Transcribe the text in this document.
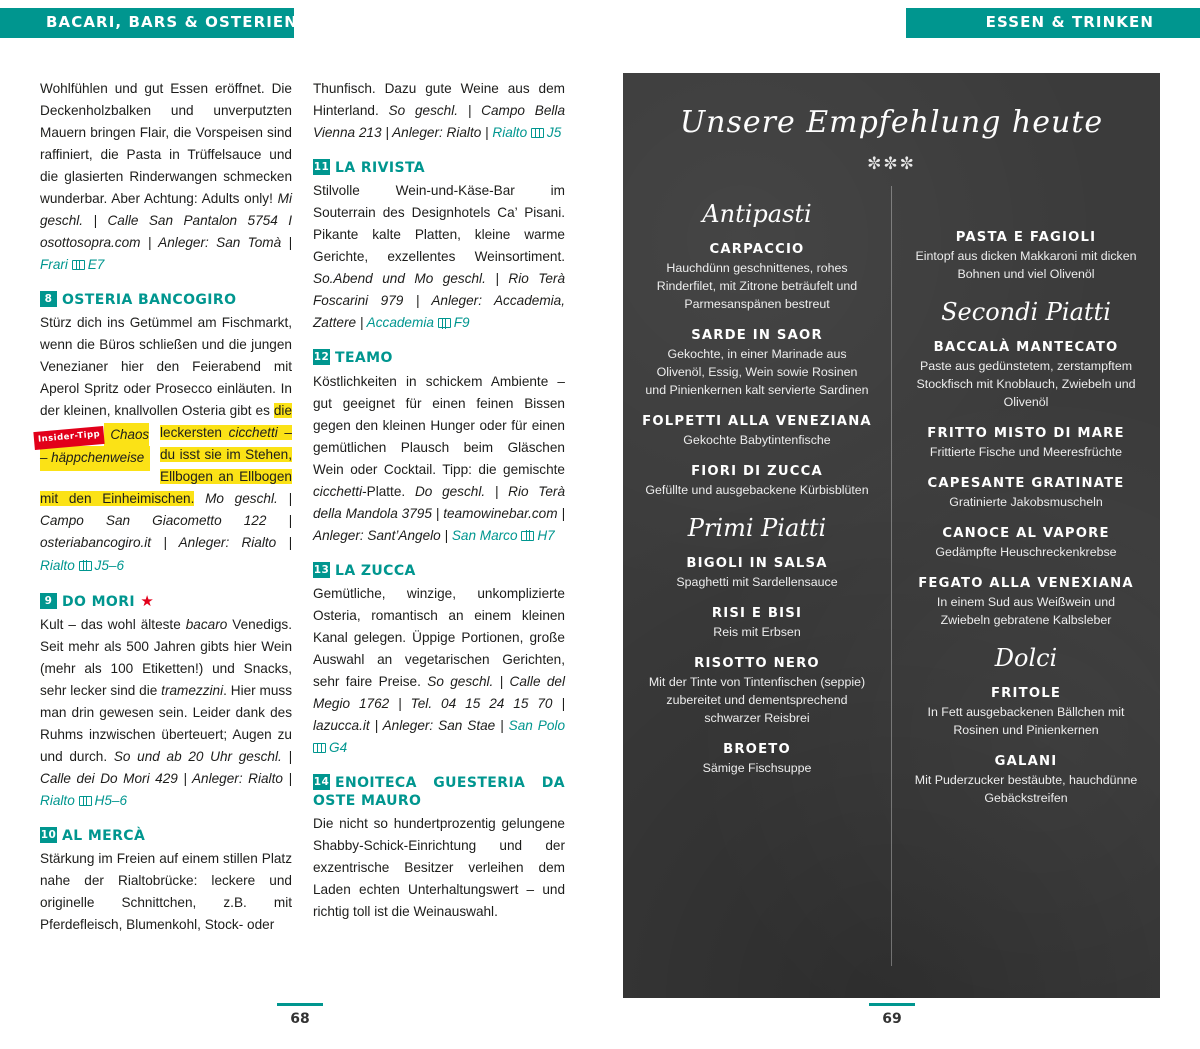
BACARI, BARS & OSTERIEN	ESSEN & TRINKEN

Wohlfühlen und gut Essen eröffnet. Die Deckenholzbalken und unverputzten Mauern bringen Flair, die Vorspeisen sind raffiniert, die Pasta in Trüffelsauce und die glasierten Rinderwangen schmecken wunderbar. Aber Achtung: Adults only! Mi geschl. | Calle San Pantalon 5754 I osottosopra.com | Anleger: San Tomà | Frari E7

8 OSTERIA BANCOGIRO

Stürz dich ins Getümmel am Fischmarkt, wenn die Büros schließen und die jungen Venezianer hier den Feierabend mit Aperol Spritz oder Prosecco einläuten. In der kleinen, knallvollen Osteria gibt es
Insider-Tipp Chaos – häppchenweise
die leckersten cicchetti – du isst sie im Stehen, Ellbogen an Ellbogen mit den Einheimischen. Mo geschl. | Campo San Giacometto 122 | osteriabancogiro.it | Anleger: Rialto | Rialto J5–6

9 DO MORI ★

Kult – das wohl älteste bacaro Venedigs. Seit mehr als 500 Jahren gibts hier Wein (mehr als 100 Etiketten!) und Snacks, sehr lecker sind die tramezzini. Hier muss man drin gewesen sein. Leider dank des Ruhms inzwischen überteuert; Augen zu und durch. So und ab 20 Uhr geschl. | Calle dei Do Mori 429 | Anleger: Rialto | Rialto H5–6

10 AL MERCÀ

Stärkung im Freien auf einem stillen Platz nahe der Rialtobrücke: leckere und originelle Schnittchen, z.B. mit Pferdefleisch, Blumenkohl, Stock- oder

Thunfisch. Dazu gute Weine aus dem Hinterland. So geschl. | Campo Bella Vienna 213 | Anleger: Rialto | Rialto J5

11 LA RIVISTA

Stilvolle Wein-und-Käse-Bar im Souterrain des Designhotels Ca’ Pisani. Pikante kalte Platten, kleine warme Gerichte, exzellentes Weinsortiment. So.Abend und Mo geschl. | Rio Terà Foscarini 979 | Anleger: Accademia, Zattere | Accademia F9

12 TEAMO

Köstlichkeiten in schickem Ambiente – gut geeignet für einen feinen Bissen gegen den kleinen Hunger oder für einen gemütlichen Plausch beim Gläschen Wein oder Cocktail. Tipp: die gemischte cicchetti-Platte. Do geschl. | Rio Terà della Mandola 3795 | teamowinebar.com | Anleger: Sant’Angelo | San Marco H7

13 LA ZUCCA

Gemütliche, winzige, unkomplizierte Osteria, romantisch an einem kleinen Kanal gelegen. Üppige Portionen, große Auswahl an vegetarischen Gerichten, sehr faire Preise. So geschl. | Calle del Megio 1762 | Tel. 04 15 24 15 70 | lazucca.it | Anleger: San Stae | San Polo G4

14 ENOITECA GUESTERIA DA OSTE MAURO

Die nicht so hundertprozentig gelungene Shabby-Schick-Einrichtung und der exzentrische Besitzer verleihen dem Laden echten Unterhaltungswert – und richtig toll ist die Weinauswahl.

Unsere Empfehlung heute
✼✼✼
Antipasti
CARPACCIO
Hauchdünn geschnittenes, rohes Rinderfilet, mit Zitrone beträufelt und Parmesanspänen bestreut
SARDE IN SAOR
Gekochte, in einer Marinade aus Olivenöl, Essig, Wein sowie Rosinen und Pinienkernen kalt servierte Sardinen
FOLPETTI ALLA VENEZIANA
Gekochte Babytintenfische
FIORI DI ZUCCA
Gefüllte und ausgebackene Kürbisblüten
Primi Piatti
BIGOLI IN SALSA
Spaghetti mit Sardellensauce
RISI E BISI
Reis mit Erbsen
RISOTTO NERO
Mit der Tinte von Tintenfischen (seppie) zubereitet und dementsprechend schwarzer Reisbrei
BROETO
Sämige Fischsuppe
PASTA E FAGIOLI
Eintopf aus dicken Makkaroni mit dicken Bohnen und viel Olivenöl
Secondi Piatti
BACCALÀ MANTECATO
Paste aus gedünstetem, zerstampftem Stockfisch mit Knoblauch, Zwiebeln und Olivenöl
FRITTO MISTO DI MARE
Frittierte Fische und Meeresfrüchte
CAPESANTE GRATINATE
Gratinierte Jakobsmuscheln
CANOCE AL VAPORE
Gedämpfte Heuschreckenkrebse
FEGATO ALLA VENEXIANA
In einem Sud aus Weißwein und Zwiebeln gebratene Kalbsleber
Dolci
FRITOLE
In Fett ausgebackenen Bällchen mit Rosinen und Pinienkernen
GALANI
Mit Puderzucker bestäubte, hauchdünne Gebäckstreifen
68	69
